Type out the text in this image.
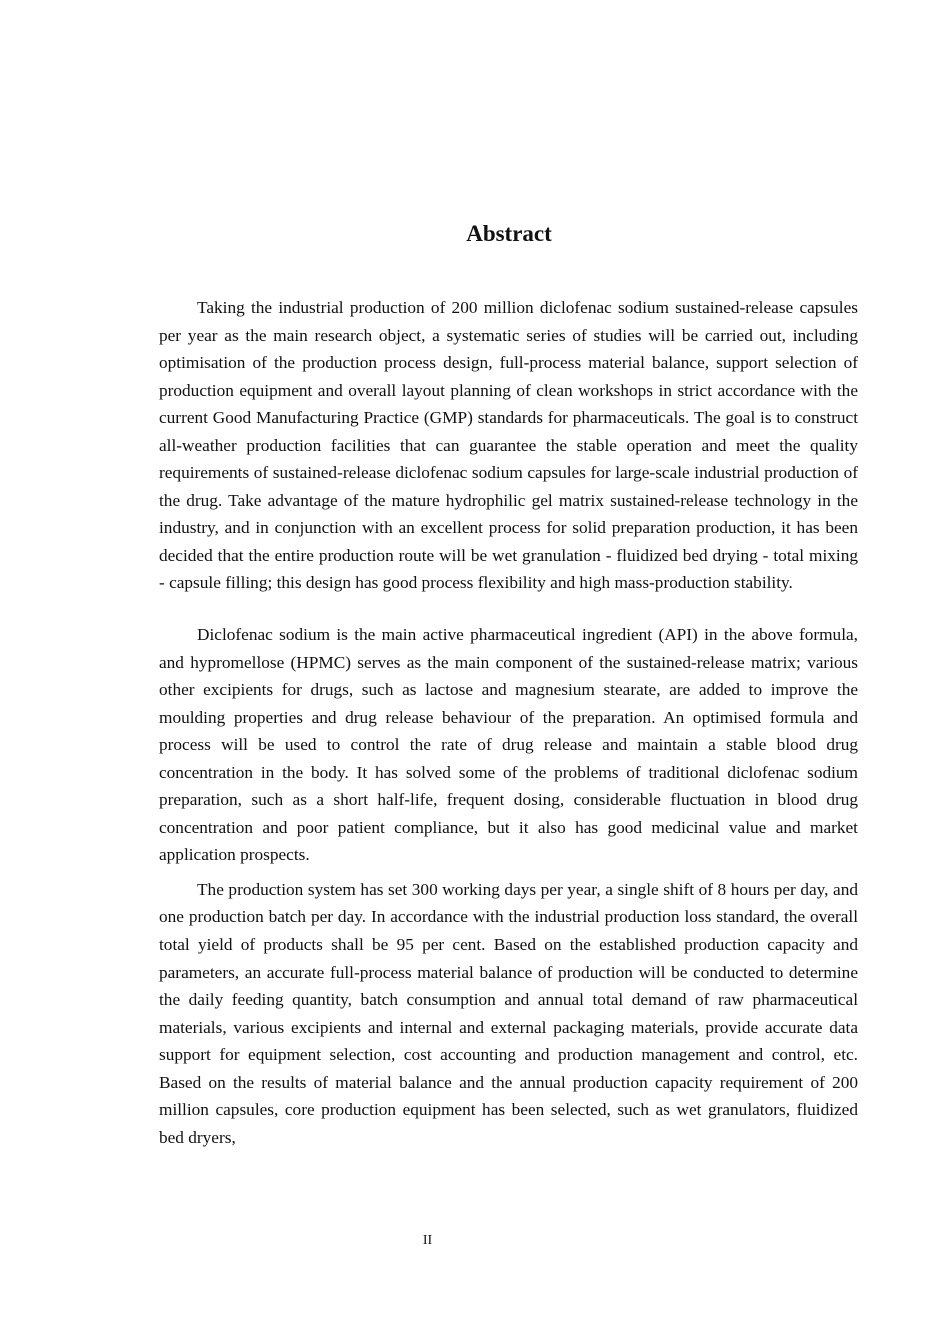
Abstract

Taking the industrial production of 200 million diclofenac sodium sustained-release capsules per year as the main research object, a systematic series of studies will be carried out, including optimisation of the production process design, full-process material balance, support selection of production equipment and overall layout planning of clean workshops in strict accordance with the current Good Manufacturing Practice (GMP) standards for pharmaceuticals. The goal is to construct all-weather production facilities that can guarantee the stable operation and meet the quality requirements of sustained-release diclofenac sodium capsules for large-scale industrial production of the drug. Take advantage of the mature hydrophilic gel matrix sustained-release technology in the industry, and in conjunction with an excellent process for solid preparation production, it has been decided that the entire production route will be wet granulation - fluidized bed drying - total mixing - capsule filling; this design has good process flexibility and high mass-production stability.

Diclofenac sodium is the main active pharmaceutical ingredient (API) in the above formula, and hypromellose (HPMC) serves as the main component of the sustained-release matrix; various other excipients for drugs, such as lactose and magnesium stearate, are added to improve the moulding properties and drug release behaviour of the preparation. An optimised formula and process will be used to control the rate of drug release and maintain a stable blood drug concentration in the body. It has solved some of the problems of traditional diclofenac sodium preparation, such as a short half-life, frequent dosing, considerable fluctuation in blood drug concentration and poor patient compliance, but it also has good medicinal value and market application prospects.

The production system has set 300 working days per year, a single shift of 8 hours per day, and one production batch per day. In accordance with the industrial production loss standard, the overall total yield of products shall be 95 per cent. Based on the established production capacity and parameters, an accurate full-process material balance of production will be conducted to determine the daily feeding quantity, batch consumption and annual total demand of raw pharmaceutical materials, various excipients and internal and external packaging materials, provide accurate data support for equipment selection, cost accounting and production management and control, etc. Based on the results of material balance and the annual production capacity requirement of 200 million capsules, core production equipment has been selected, such as wet granulators, fluidized bed dryers,

II
